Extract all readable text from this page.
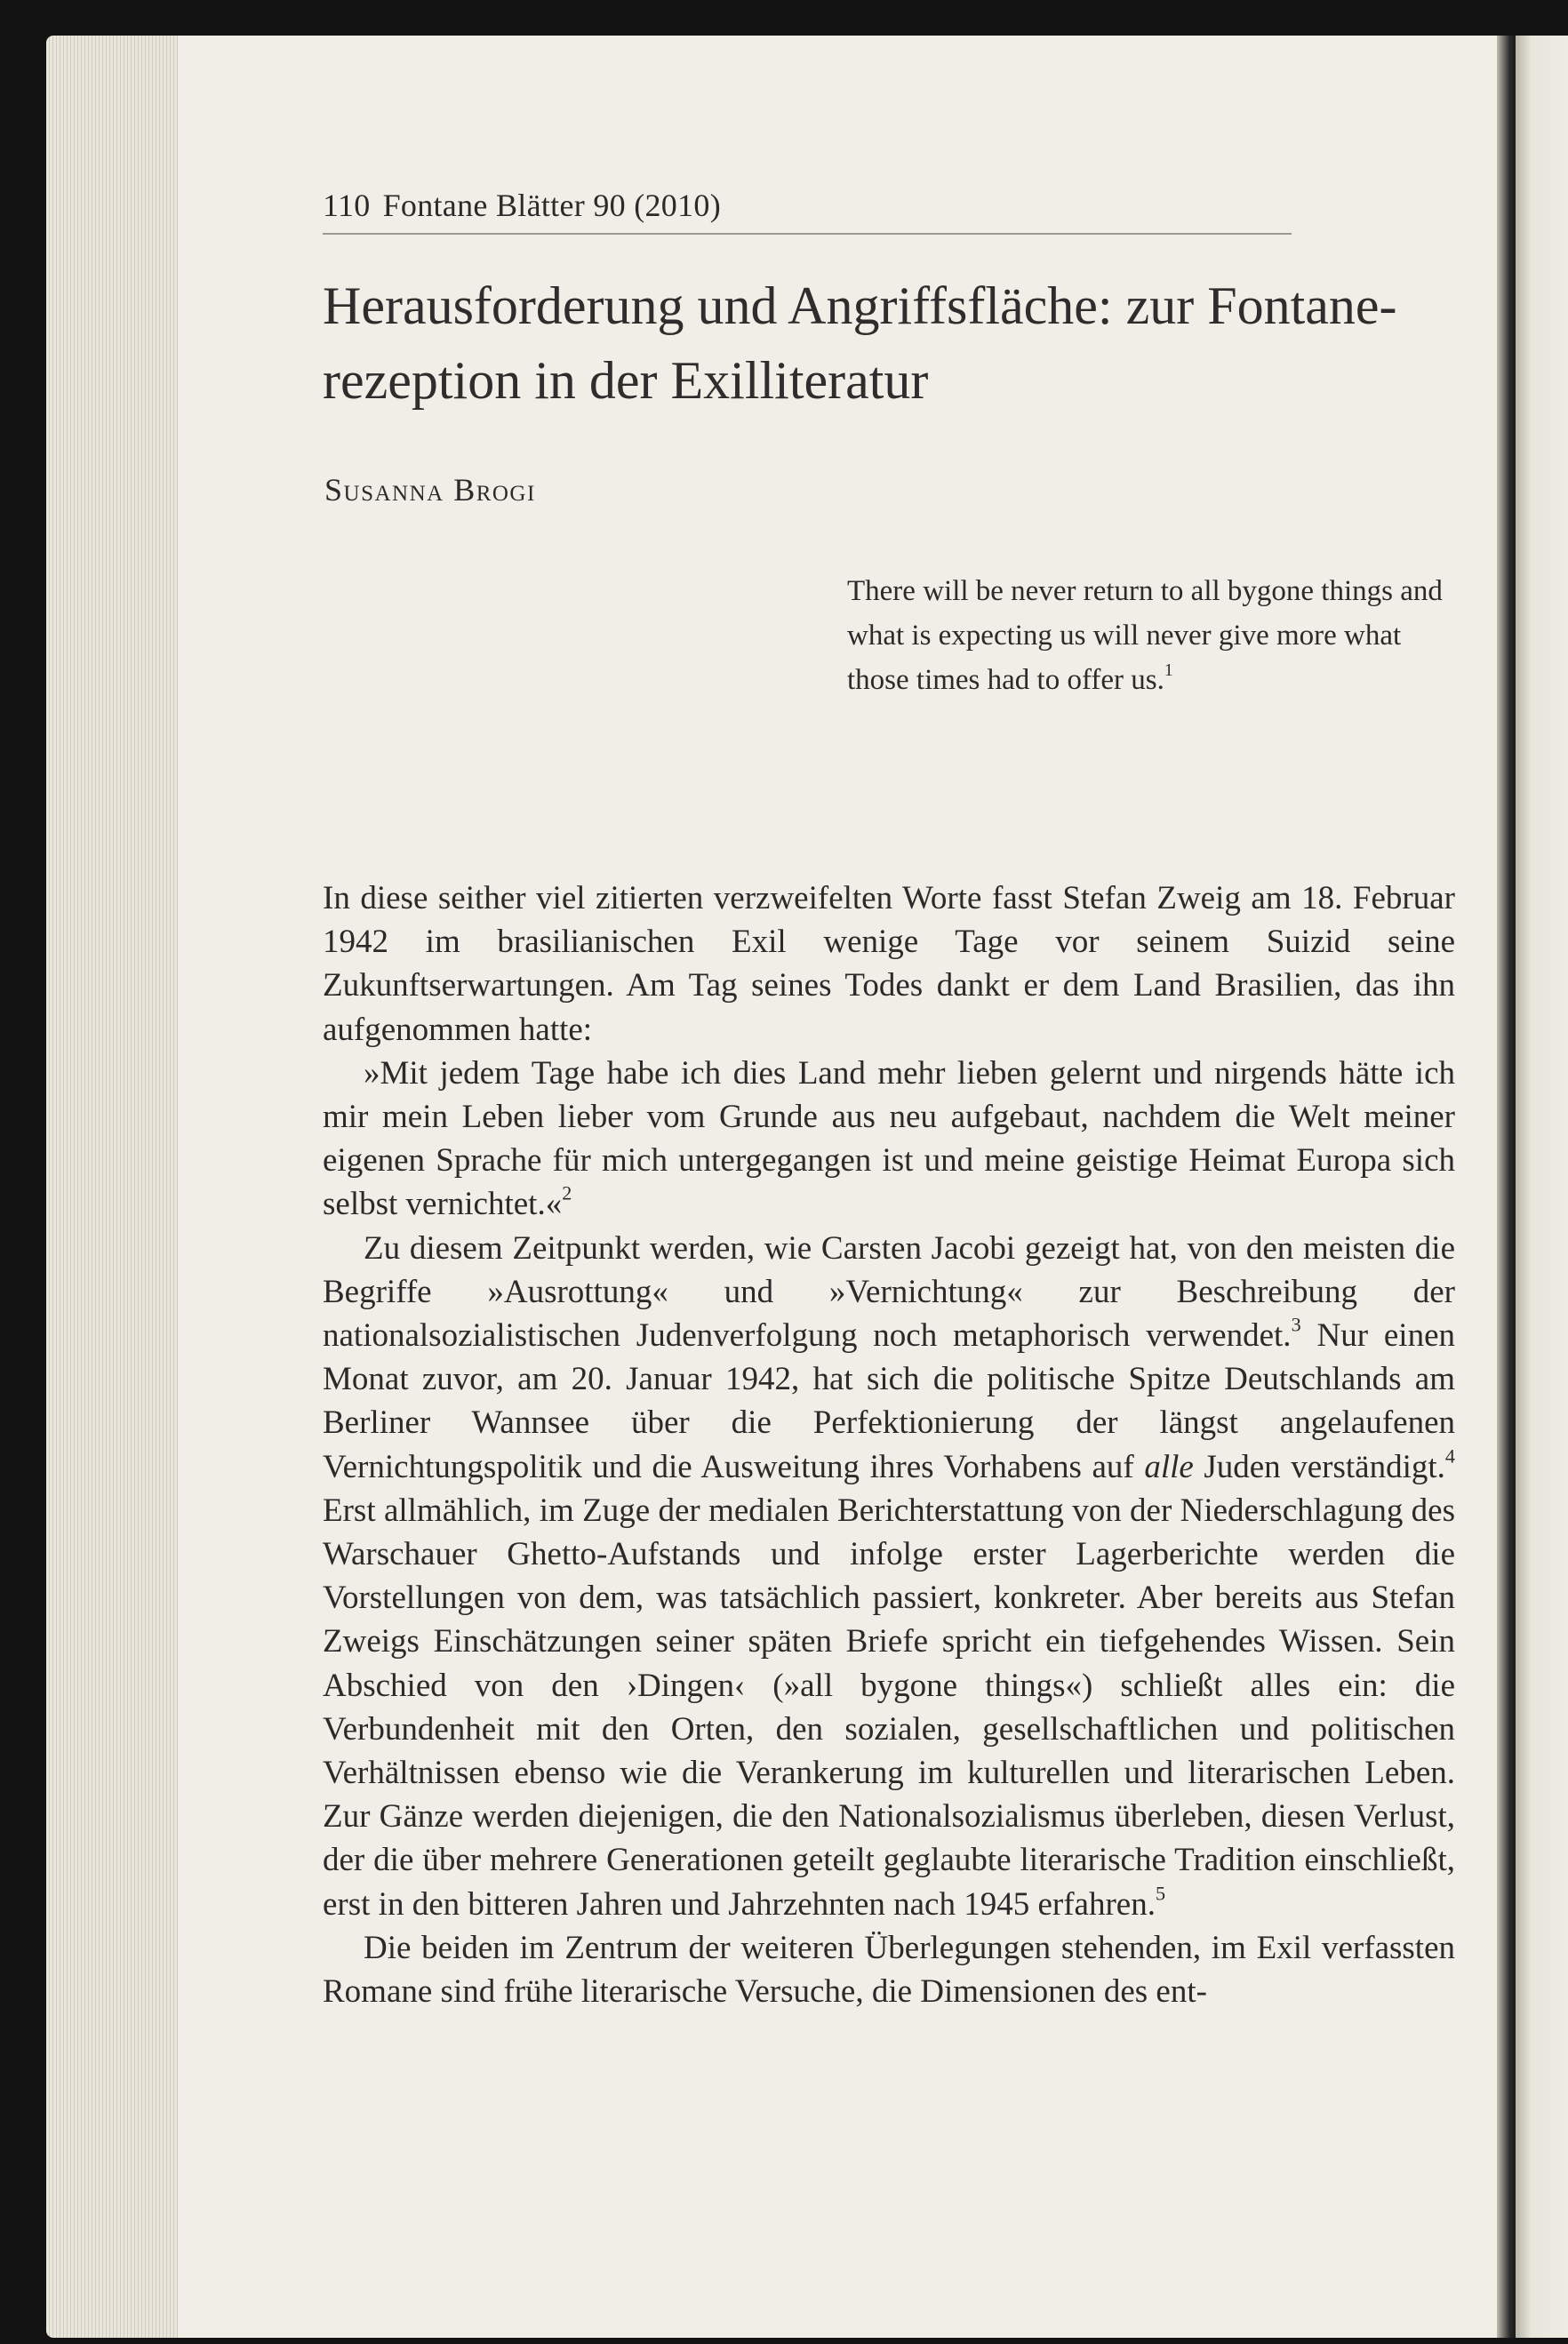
110 Fontane Blätter 90 (2010)
Herausforderung und Angriffsfläche: zur Fontane-
rezeption in der Exilliteratur
Susanna Brogi

There will be never return to all bygone things and what is expecting us will never give more what those times had to offer us.$^1$

In diese seither viel zitierten verzweifelten Worte fasst Stefan Zweig am 18. Februar 1942 im brasilianischen Exil wenige Tage vor seinem Suizid seine Zukunftserwartungen. Am Tag seines Todes dankt er dem Land Brasilien, das ihn aufgenommen hatte:

»Mit jedem Tage habe ich dies Land mehr lieben gelernt und nirgends hätte ich mir mein Leben lieber vom Grunde aus neu aufgebaut, nachdem die Welt meiner eigenen Sprache für mich untergegangen ist und meine geistige Heimat Europa sich selbst vernichtet.«$^2$

Zu diesem Zeitpunkt werden, wie Carsten Jacobi gezeigt hat, von den meisten die Begriffe »Ausrottung« und »Vernichtung« zur Beschreibung der nationalsozialistischen Judenverfolgung noch metaphorisch verwendet.$^3$ Nur einen Monat zuvor, am 20. Januar 1942, hat sich die politische Spitze Deutschlands am Berliner Wannsee über die Perfektionierung der längst angelaufenen Vernichtungspolitik und die Ausweitung ihres Vorhabens auf alle Juden verständigt.$^4$ Erst allmählich, im Zuge der medialen Berichterstattung von der Niederschlagung des Warschauer Ghetto-Aufstands und infolge erster Lagerberichte werden die Vorstellungen von dem, was tatsächlich passiert, konkreter. Aber bereits aus Stefan Zweigs Einschätzungen seiner späten Briefe spricht ein tiefgehendes Wissen. Sein Abschied von den ›Dingen‹ (»all bygone things«) schließt alles ein: die Verbundenheit mit den Orten, den sozialen, gesellschaftlichen und politischen Verhältnissen ebenso wie die Verankerung im kulturellen und literarischen Leben. Zur Gänze werden diejenigen, die den Nationalsozialismus überleben, diesen Verlust, der die über mehrere Generationen geteilt geglaubte literarische Tradition einschließt, erst in den bitteren Jahren und Jahrzehnten nach 1945 erfahren.$^5$

Die beiden im Zentrum der weiteren Überlegungen stehenden, im Exil verfassten Romane sind frühe literarische Versuche, die Dimensionen des ent-
